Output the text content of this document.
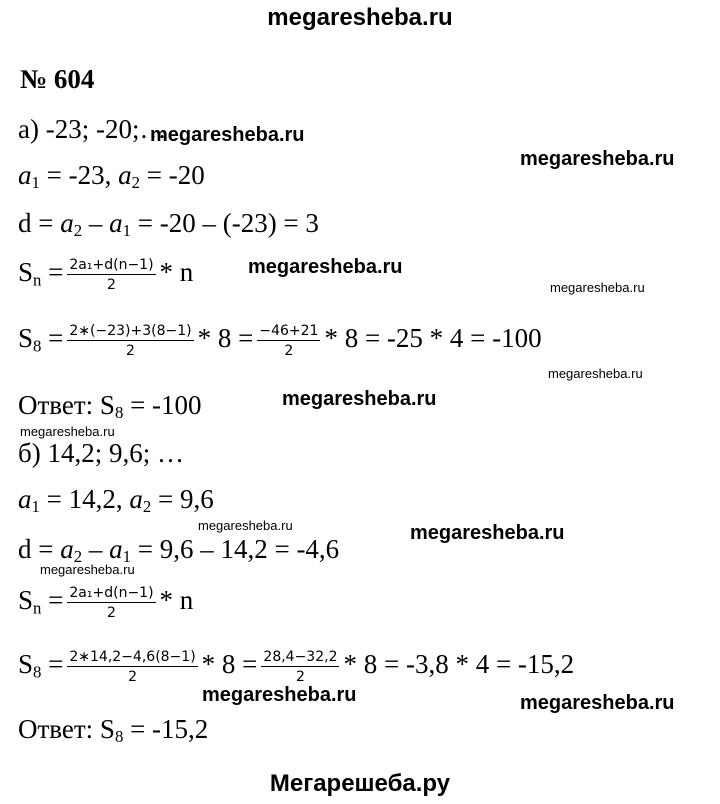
megaresheba.ru
№ 604
а) -23; -20;…
$a_1 = -23$, $a_2 = -20$
$d = a_2 - a_1 = -20 - (-23) = 3$
$S_n = \frac{\text{2a₁+d(n−1)}}{2} * n$
$S_8 = \frac{2∗(-23)+3(8-1)}{2} * 8 = \frac{-46+21}{2} * 8 = -25 * 4 = -100$
Ответ: $S_8 = -100$
б) 14,2; 9,6; …
$a_1 = 14,2$, $a_2 = 9,6$
$d = a_2 - a_1 = 9,6 - 14,2 = -4,6$
$S_n = \frac{\text{2a₁+d(n−1)}}{2} * n$
$S_8 = \frac{2∗14,2-4,6(8-1)}{2} * 8 = \frac{28,4-32,2}{2} * 8 = -3,8 * 4 = -15,2$
Ответ: $S_8 = -15,2$
megaresheba.ru
megaresheba.ru
megaresheba.ru
megaresheba.ru
megaresheba.ru
megaresheba.ru
megaresheba.ru
megaresheba.ru	megaresheba.ru
megaresheba.ru
megaresheba.ru	megaresheba.ru
Мегарешеба.ру
